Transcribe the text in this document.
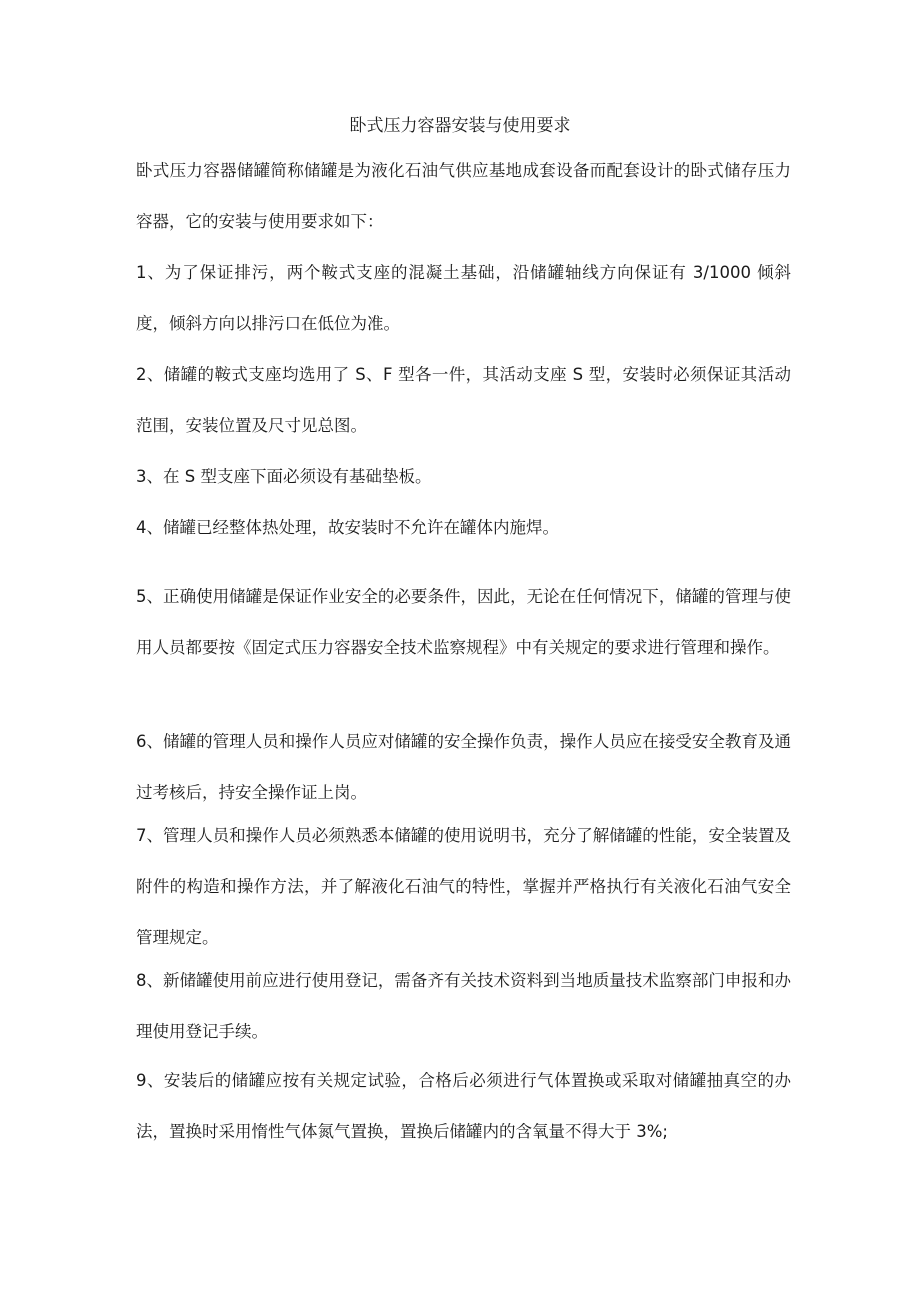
卧式压力容器安装与使用要求

卧式压力容器储罐简称储罐是为液化石油气供应基地成套设备而配套设计的卧式储存压力容器，它的安装与使用要求如下：

1、为了保证排污，两个鞍式支座的混凝土基础，沿储罐轴线方向保证有 3/1000 倾斜度，倾斜方向以排污口在低位为准。

2、储罐的鞍式支座均选用了 S、F 型各一件，其活动支座 S 型，安装时必须保证其活动范围，安装位置及尺寸见总图。

3、在 S 型支座下面必须设有基础垫板。

4、储罐已经整体热处理，故安装时不允许在罐体内施焊。

5、正确使用储罐是保证作业安全的必要条件，因此，无论在任何情况下，储罐的管理与使用人员都要按《固定式压力容器安全技术监察规程》中有关规定的要求进行管理和操作。

6、储罐的管理人员和操作人员应对储罐的安全操作负责，操作人员应在接受安全教育及通过考核后，持安全操作证上岗。

7、管理人员和操作人员必须熟悉本储罐的使用说明书，充分了解储罐的性能，安全装置及附件的构造和操作方法，并了解液化石油气的特性，掌握并严格执行有关液化石油气安全管理规定。

8、新储罐使用前应进行使用登记，需备齐有关技术资料到当地质量技术监察部门申报和办理使用登记手续。

9、安装后的储罐应按有关规定试验，合格后必须进行气体置换或采取对储罐抽真空的办法，置换时采用惰性气体氮气置换，置换后储罐内的含氧量不得大于 3%;
